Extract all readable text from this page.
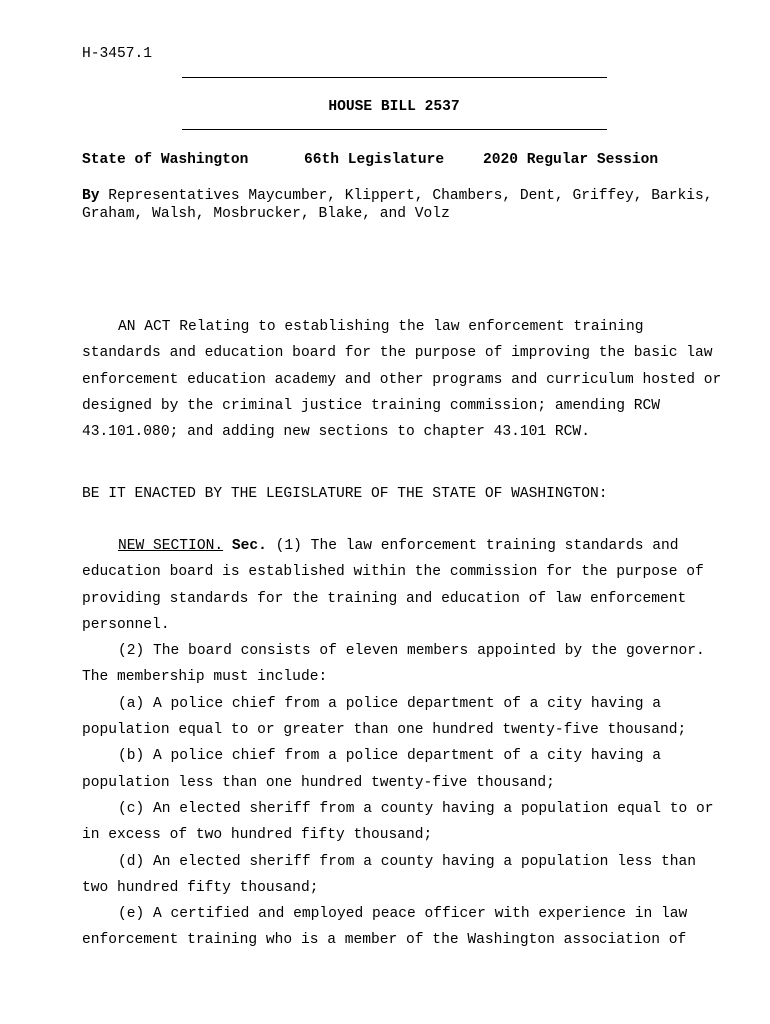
H-3457.1
HOUSE BILL 2537
State of Washington	66th Legislature	2020 Regular Session
By Representatives Maycumber, Klippert, Chambers, Dent, Griffey, Barkis, Graham, Walsh, Mosbrucker, Blake, and Volz

AN ACT Relating to establishing the law enforcement training standards and education board for the purpose of improving the basic law enforcement education academy and other programs and curriculum hosted or designed by the criminal justice training commission; amending RCW 43.101.080; and adding new sections to chapter 43.101 RCW.

BE IT ENACTED BY THE LEGISLATURE OF THE STATE OF WASHINGTON:

NEW SECTION. Sec. (1) The law enforcement training standards and education board is established within the commission for the purpose of providing standards for the training and education of law enforcement personnel.

(2) The board consists of eleven members appointed by the governor. The membership must include:

(a) A police chief from a police department of a city having a population equal to or greater than one hundred twenty-five thousand;

(b) A police chief from a police department of a city having a population less than one hundred twenty-five thousand;

(c) An elected sheriff from a county having a population equal to or in excess of two hundred fifty thousand;

(d) An elected sheriff from a county having a population less than two hundred fifty thousand;

(e) A certified and employed peace officer with experience in law enforcement training who is a member of the Washington association of
